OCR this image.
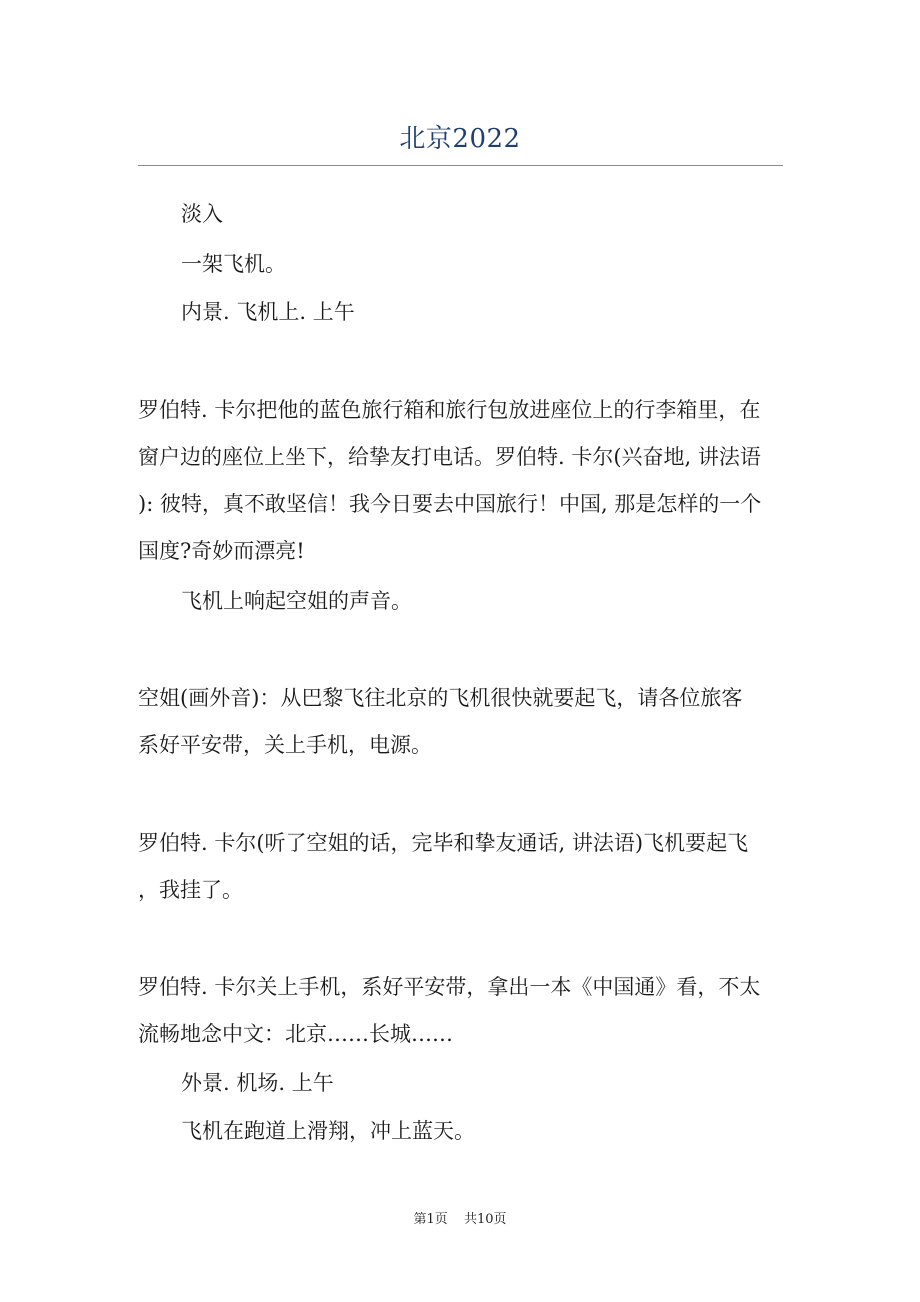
北京2022
淡入
一架飞机。
内景. 飞机上. 上午
罗伯特. 卡尔把他的蓝色旅行箱和旅行包放进座位上的行李箱里，在
窗户边的座位上坐下，给挚友打电话。罗伯特. 卡尔(兴奋地, 讲法语
): 彼特，真不敢坚信！我今日要去中国旅行！中国, 那是怎样的一个
国度?奇妙而漂亮!
飞机上响起空姐的声音。
空姐(画外音)：从巴黎飞往北京的飞机很快就要起飞，请各位旅客
系好平安带，关上手机，电源。
罗伯特. 卡尔(听了空姐的话，完毕和挚友通话, 讲法语)飞机要起飞
，我挂了。
罗伯特. 卡尔关上手机，系好平安带，拿出一本《中国通》看，不太
流畅地念中文：北京……长城……
外景. 机场. 上午
飞机在跑道上滑翔，冲上蓝天。
第1页 共10页
